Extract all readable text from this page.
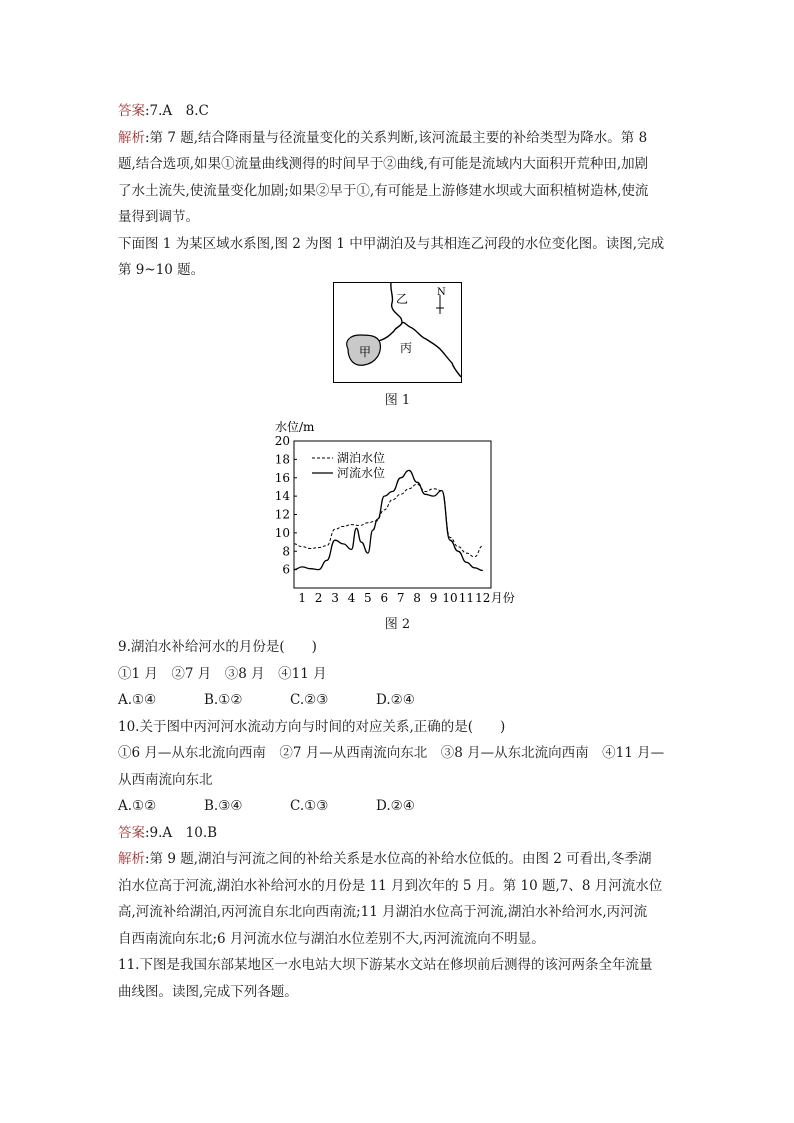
答案:7.A　8.C

解析:第 7 题,结合降雨量与径流量变化的关系判断,该河流最主要的补给类型为降水。第 8

题,结合选项,如果①流量曲线测得的时间早于②曲线,有可能是流域内大面积开荒种田,加剧

了水土流失,使流量变化加剧;如果②早于①,有可能是上游修建水坝或大面积植树造林,使流

量得到调节。

下面图 1 为某区域水系图,图 2 为图 1 中甲湖泊及与其相连乙河段的水位变化图。读图,完成

第 9~10 题。

甲
乙
丙
N
图 1
水位/m
6
8
10
12
14
16
18
20
1 2 3 4 5 6 7 8 9 10 11 12 月份
湖泊水位
河流水位
图 2

9.湖泊水补给河水的月份是(　　)

①1 月　②7 月　③8 月　④11 月

A.①④	B.①②	C.②③	D.②④

10.关于图中丙河河水流动方向与时间的对应关系,正确的是(　　)

①6 月—从东北流向西南　②7 月—从西南流向东北　③8 月—从东北流向西南　④11 月—

从西南流向东北

A.①②	B.③④	C.①③	D.②④

答案:9.A　10.B

解析:第 9 题,湖泊与河流之间的补给关系是水位高的补给水位低的。由图 2 可看出,冬季湖

泊水位高于河流,湖泊水补给河水的月份是 11 月到次年的 5 月。第 10 题,7、8 月河流水位

高,河流补给湖泊,丙河流自东北向西南流;11 月湖泊水位高于河流,湖泊水补给河水,丙河流

自西南流向东北;6 月河流水位与湖泊水位差别不大,丙河流流向不明显。

11.下图是我国东部某地区一水电站大坝下游某水文站在修坝前后测得的该河两条全年流量

曲线图。读图,完成下列各题。
